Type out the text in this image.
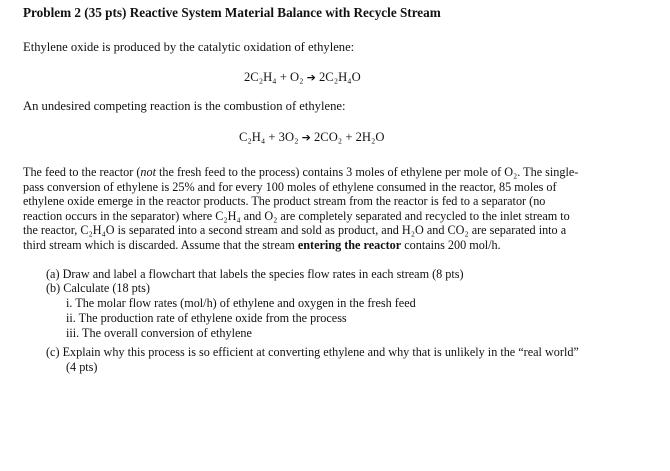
Problem 2 (35 pts) Reactive System Material Balance with Recycle Stream
Ethylene oxide is produced by the catalytic oxidation of ethylene:
2C₂H₄ + O₂ ➔ 2C₂H₄O
An undesired competing reaction is the combustion of ethylene:
C₂H₄ + 3O₂ ➔ 2CO₂ + 2H₂O
The feed to the reactor (not the fresh feed to the process) contains 3 moles of ethylene per mole of O₂. The single-
pass conversion of ethylene is 25% and for every 100 moles of ethylene consumed in the reactor, 85 moles of
ethylene oxide emerge in the reactor products. The product stream from the reactor is fed to a separator (no
reaction occurs in the separator) where C₂H₄ and O₂ are completely separated and recycled to the inlet stream to
the reactor, C₂H₄O is separated into a second stream and sold as product, and H₂O and CO₂ are separated into a
third stream which is discarded. Assume that the stream entering the reactor contains 200 mol/h.
(a) Draw and label a flowchart that labels the species flow rates in each stream (8 pts)
(b) Calculate (18 pts)
i. The molar flow rates (mol/h) of ethylene and oxygen in the fresh feed
ii. The production rate of ethylene oxide from the process
iii. The overall conversion of ethylene
(c) Explain why this process is so efficient at converting ethylene and why that is unlikely in the “real world”
(4 pts)
